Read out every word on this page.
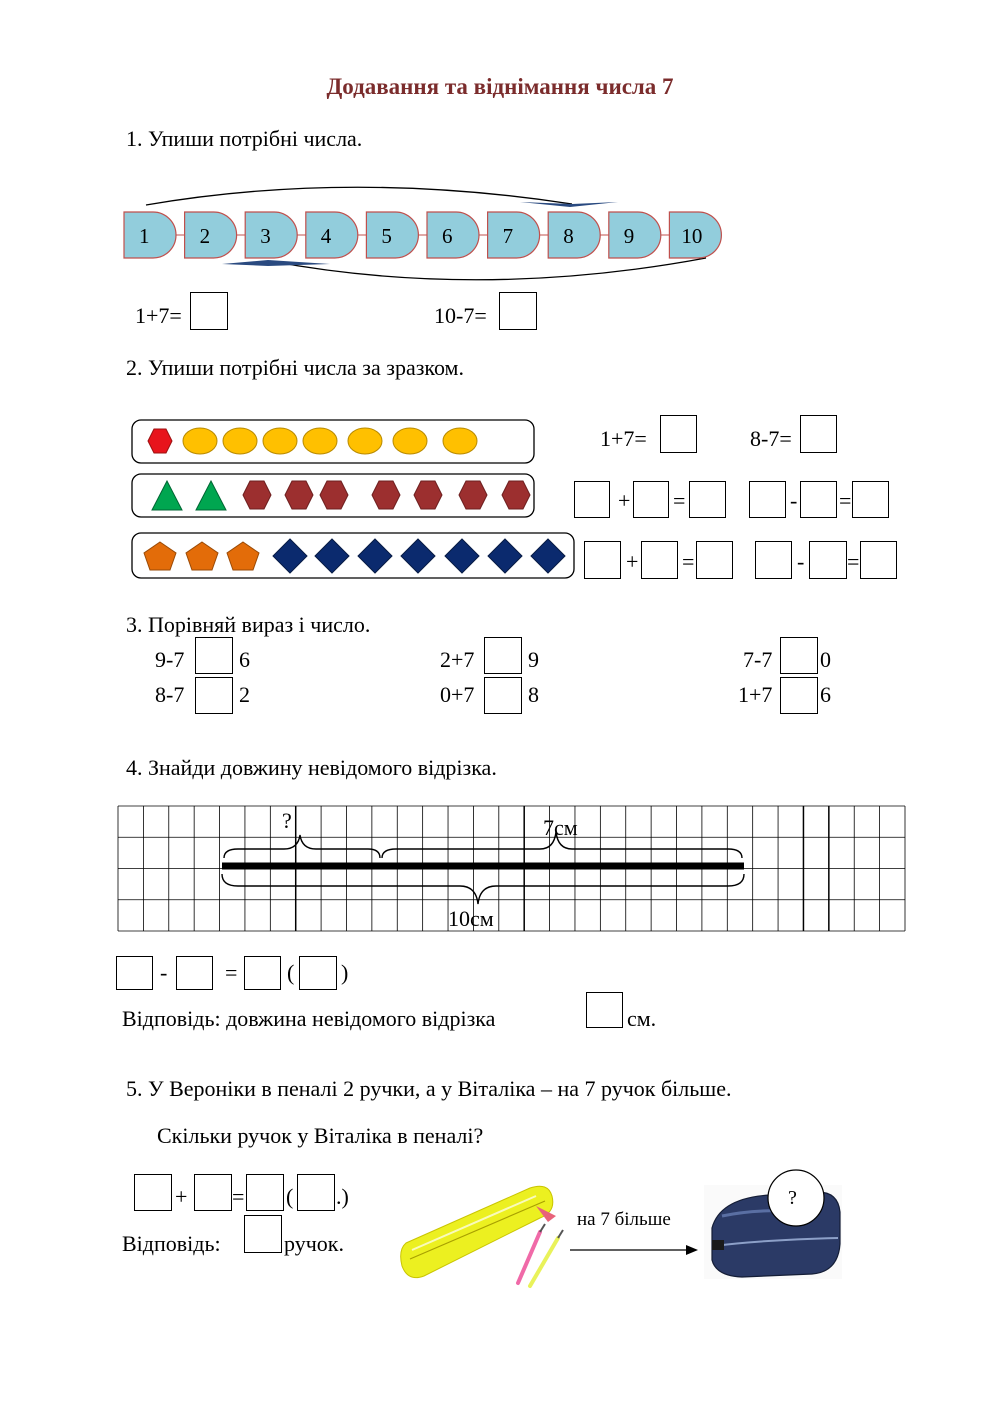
Додавання та віднімання числа 7
1. Упиши потрібні числа.
1 2 3 4 5 6 7 8 9 10
1+7=	10-7=
2. Упиши потрібні числа за зразком.
1+7=	8-7=
+ =	- =
+ =	- =
3. Порівняй вираз і число.
9-7 6	2+7 9	7-7 0
8-7 2	0+7 8	1+7 6
4. Знайди довжину невідомого відрізка.
?	7см
10см
-	= ( )
Відповідь: довжина невідомого відрізка	см.
5. У Вероніки в пеналі 2 ручки, а у Віталіка – на 7 ручок більше.
Скільки ручок у Віталіка в пеналі?
+ = ( .)
Відповідь:	ручок.
на 7 більше
?
